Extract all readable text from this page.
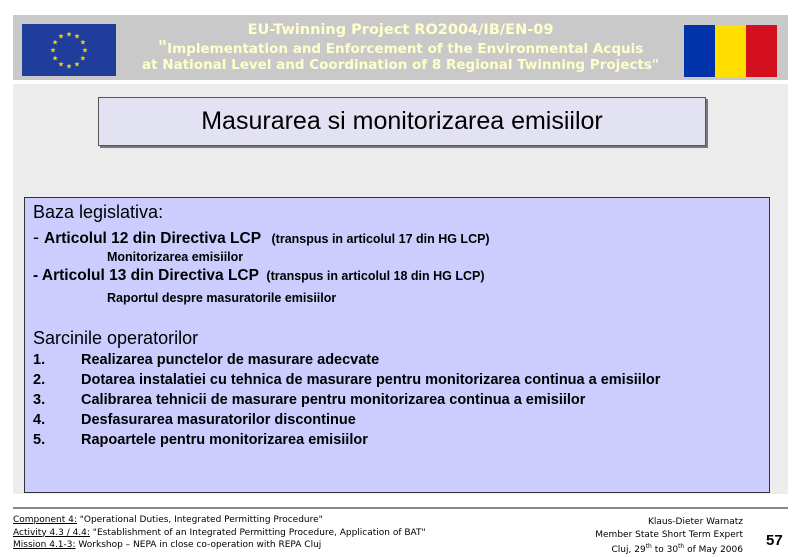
★ ★
★
★
★
★
★
★
★
★
★
★	EU-Twinning Project RO2004/IB/EN-09
"Implementation and Enforcement of the Environmental Acquis
at National Level and Coordination of 8 Regional Twinning Projects"
Masurarea si monitorizarea emisiilor
Baza legislativa:
- Articolul 12 din Directiva LCP (transpus in articolul 17 din HG LCP)
Monitorizarea emisiilor
- Articolul 13 din Directiva LCP (transpus in articolul 18 din HG LCP)
Raportul despre masuratorile emisiilor
Sarcinile operatorilor
1. Realizarea punctelor de masurare adecvate
2. Dotarea instalatiei cu tehnica de masurare pentru monitorizarea continua a emisiilor
3. Calibrarea tehnicii de masurare pentru monitorizarea continua a emisiilor
4. Desfasurarea masuratorilor discontinue
5. Rapoartele pentru monitorizarea emisiilor
Component 4: "Operational Duties, Integrated Permitting Procedure"
Activity 4.3 / 4.4: "Establishment of an Integrated Permitting Procedure, Application of BAT"
Mission 4.1-3: Workshop – NEPA in close co-operation with REPA Cluj
Klaus-Dieter Warnatz
Member State Short Term Expert
Cluj, 29th to 30th of May 2006
57
